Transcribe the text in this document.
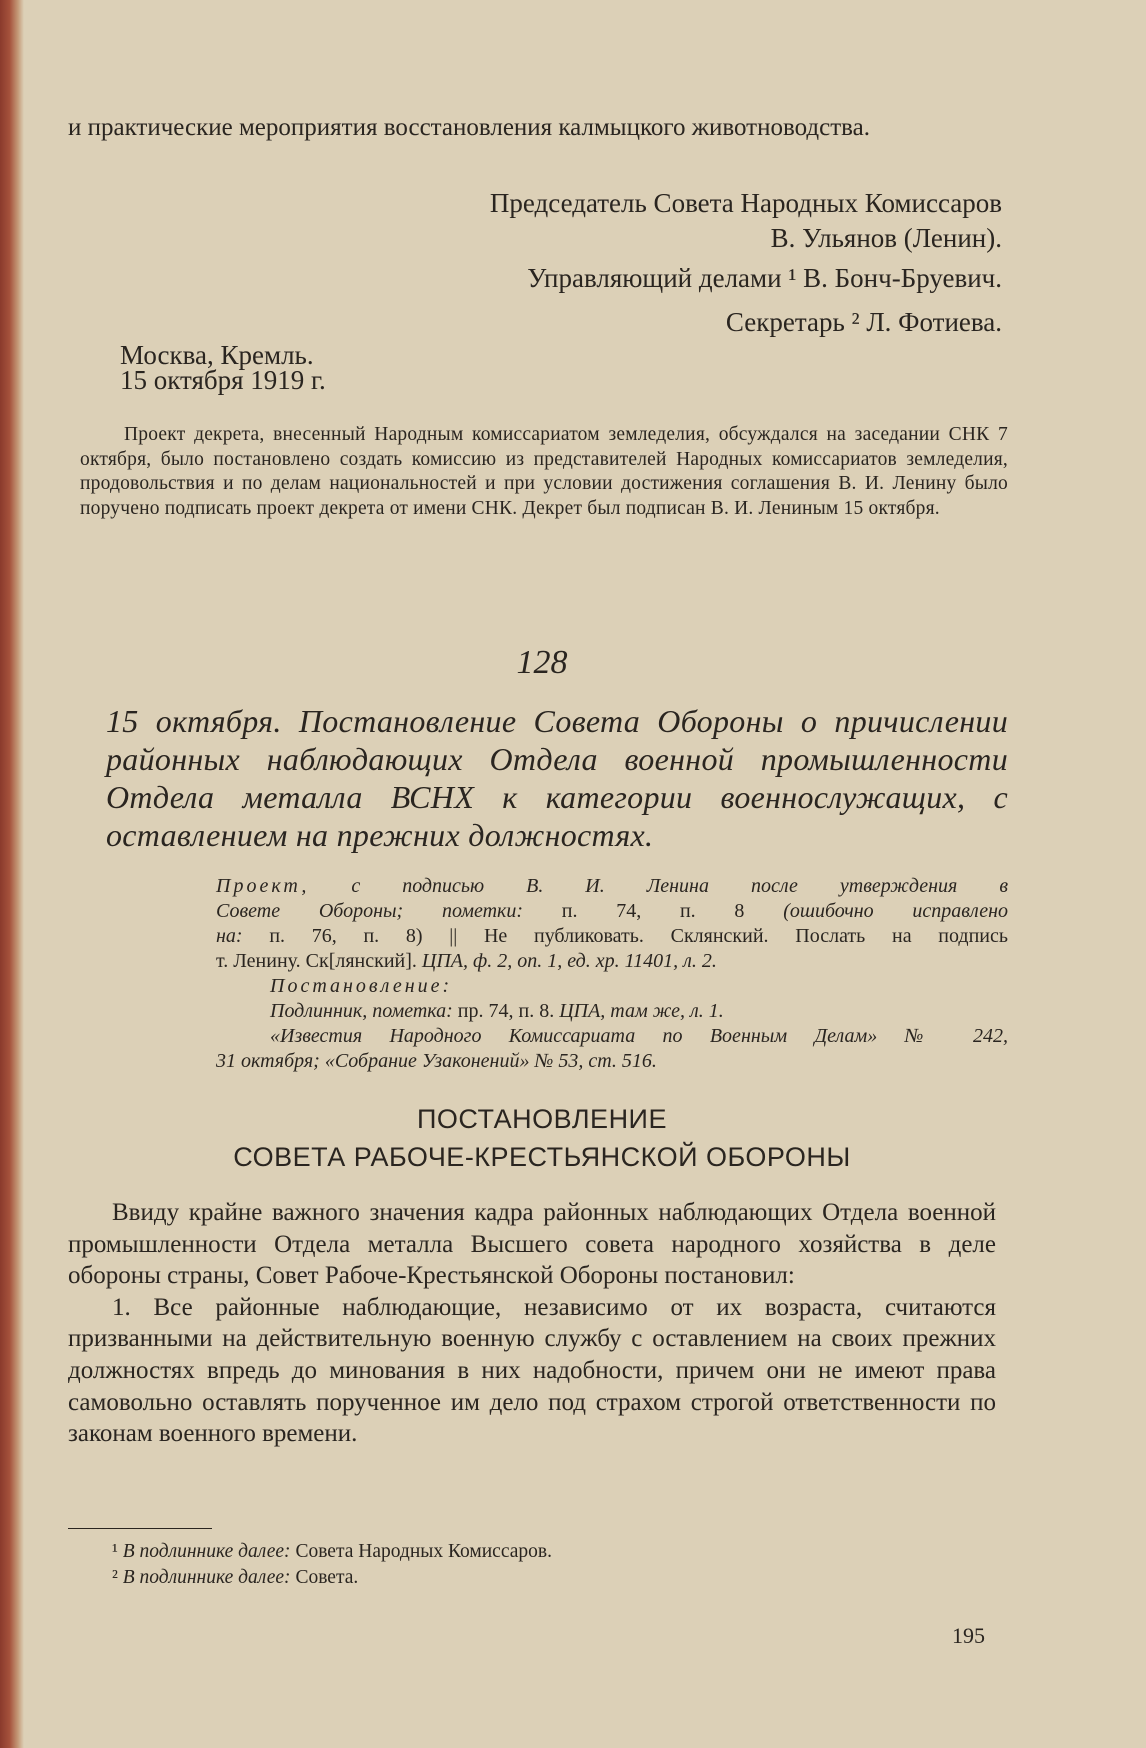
и практические мероприятия восстановления калмыцкого животноводства.

Председатель Совета Народных Комиссаров
В. Ульянов (Ленин).
Управляющий делами ¹ В. Бонч-Бруевич.
Секретарь ² Л. Фотиева.
Москва, Кремль.
15 октября 1919 г.

Проект декрета, внесенный Народным комиссариатом земледелия, обсуждался на заседании СНК 7 октября, было постановлено создать комиссию из представителей Народных комиссариатов земледелия, продовольствия и по делам национальностей и при условии достижения соглашения В. И. Ленину было поручено подписать проект декрета от имени СНК. Декрет был подписан В. И. Лениным 15 октября.

128
15 октября. Постановление Совета Обороны о причислении районных наблюдающих Отдела военной промышленности Отдела металла ВСНХ к категории военнослужащих, с оставлением на прежних должностях.
Проект, с подписью В. И. Ленина после утверждения в
Совете Обороны; пометки: п. 74, п. 8 (ошибочно исправлено
на: п. 76, п. 8) || Не публиковать. Склянский. Послать на подпись
т. Ленину. Ск[лянский]. ЦПА, ф. 2, оп. 1, ед. хр. 11401, л. 2.
Постановление:
Подлинник, пометка: пр. 74, п. 8. ЦПА, там же, л. 1.
«Известия Народного Комиссариата по Военным Делам» № 242,
31 октября; «Собрание Узаконений» № 53, ст. 516.
ПОСТАНОВЛЕНИЕ
СОВЕТА РАБОЧЕ-КРЕСТЬЯНСКОЙ ОБОРОНЫ

Ввиду крайне важного значения кадра районных наблюдающих Отдела военной промышленности Отдела металла Высшего совета народного хозяйства в деле обороны страны, Совет Рабоче-Крестьянской Обороны постановил:

1. Все районные наблюдающие, независимо от их возраста, считаются призванными на действительную военную службу с оставлением на своих прежних должностях впредь до минования в них надобности, причем они не имеют права самовольно оставлять порученное им дело под страхом строгой ответственности по законам военного времени.

¹ В подлиннике далее: Совета Народных Комиссаров.
² В подлиннике далее: Совета.
195
